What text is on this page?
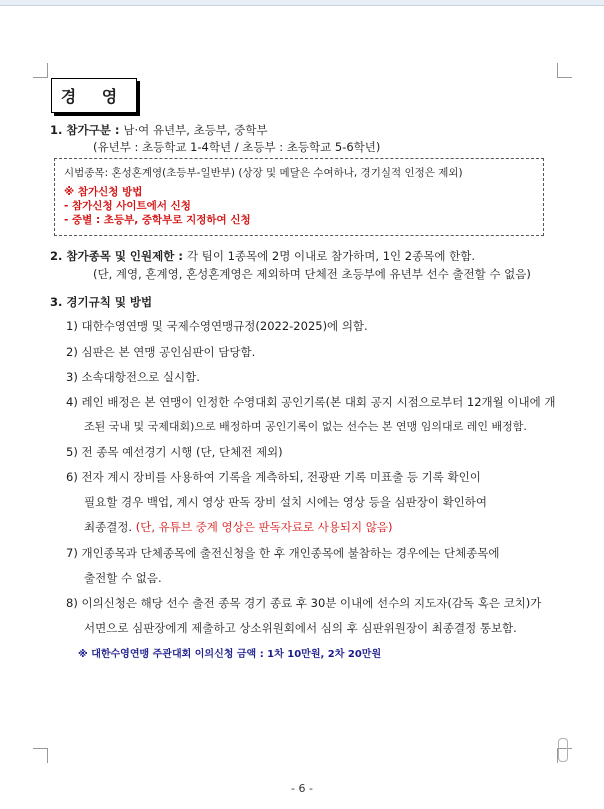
경 영
1. 참가구분 : 남·여 유년부, 초등부, 중학부
(유년부 : 초등학교 1-4학년 / 초등부 : 초등학교 5-6학년)
시범종목: 혼성혼계영(초등부-일반부) (상장 및 메달은 수여하나, 경기실적 인정은 제외)
※ 참가신청 방법
- 참가신청 사이트에서 신청
- 중별 : 초등부, 중학부로 지정하여 신청
2. 참가종목 및 인원제한 : 각 팀이 1종목에 2명 이내로 참가하며, 1인 2종목에 한함.
(단, 계영, 혼계영, 혼성혼계영은 제외하며 단체전 초등부에 유년부 선수 출전할 수 없음)
3. 경기규칙 및 방법
1) 대한수영연맹 및 국제수영연맹규정(2022-2025)에 의함.
2) 심판은 본 연맹 공인심판이 담당함.
3) 소속대항전으로 실시함.
4) 레인 배정은 본 연맹이 인정한 수영대회 공인기록(본 대회 공지 시점으로부터 12개월 이내에 개
조된 국내 및 국제대회)으로 배정하며 공인기록이 없는 선수는 본 연맹 임의대로 레인 배정함.
5) 전 종목 예선경기 시행 (단, 단체전 제외)
6) 전자 계시 장비를 사용하여 기록을 계측하되, 전광판 기록 미표출 등 기록 확인이
필요할 경우 백업, 계시 영상 판독 장비 설치 시에는 영상 등을 심판장이 확인하여
최종결정. (단, 유튜브 중계 영상은 판독자료로 사용되지 않음)
7) 개인종목과 단체종목에 출전신청을 한 후 개인종목에 불참하는 경우에는 단체종목에
출전할 수 없음.
8) 이의신청은 해당 선수 출전 종목 경기 종료 후 30분 이내에 선수의 지도자(감독 혹은 코치)가
서면으로 심판장에게 제출하고 상소위원회에서 심의 후 심판위원장이 최종결정 통보함.
※ 대한수영연맹 주관대회 이의신청 금액 : 1차 10만원, 2차 20만원
- 6 -
